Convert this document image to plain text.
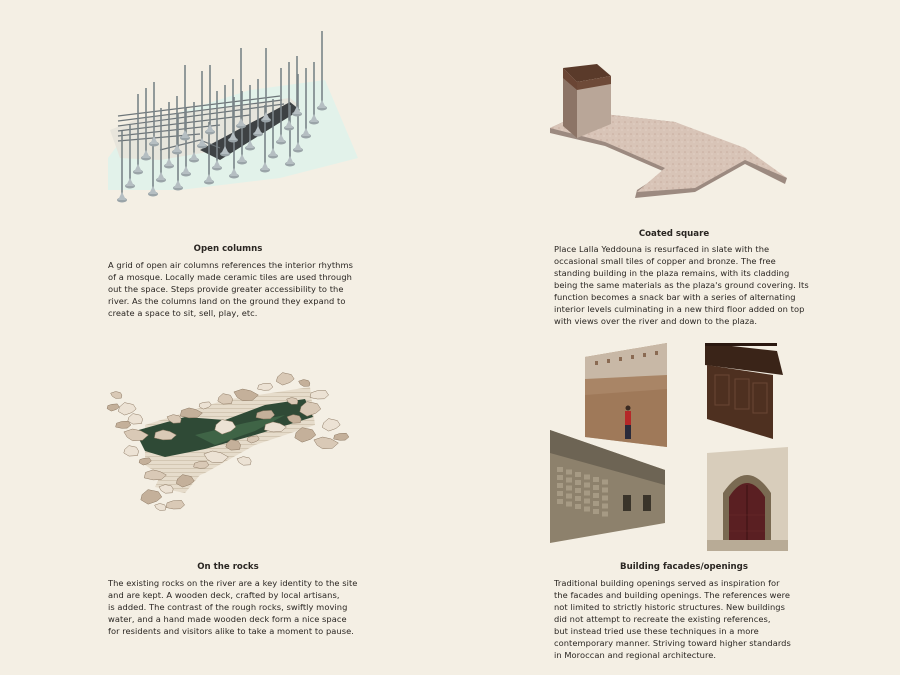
Open columns

A grid of open air columns references the interior rhythms

of a mosque. Locally made ceramic tiles are used through

out the space. Steps provide greater accessibility to the

river. As the columns land on the ground they expand to

create a space to sit, sell, play, etc.

Coated square

Place Lalla Yeddouna is resurfaced in slate with the

occasional small tiles of copper and bronze. The free

standing building in the plaza remains, with its cladding

being the same materials as the plaza's ground covering. Its

function becomes a snack bar with a series of alternating

interior levels culminating in a new third floor added on top

with views over the river and down to the plaza.

On the rocks

The existing rocks on the river are a key identity to the site

and are kept. A wooden deck, crafted by local artisans,

is added. The contrast of the rough rocks, swiftly moving

water, and a hand made wooden deck form a nice space

for residents and visitors alike to take a moment to pause.

Building facades/openings

Traditional building openings served as inspiration for

the facades and building openings. The references were

not limited to strictly historic structures. New buildings

did not attempt to recreate the existing references,

but instead tried use these techniques in a more

contemporary manner. Striving toward higher standards

in Moroccan and regional architecture.
